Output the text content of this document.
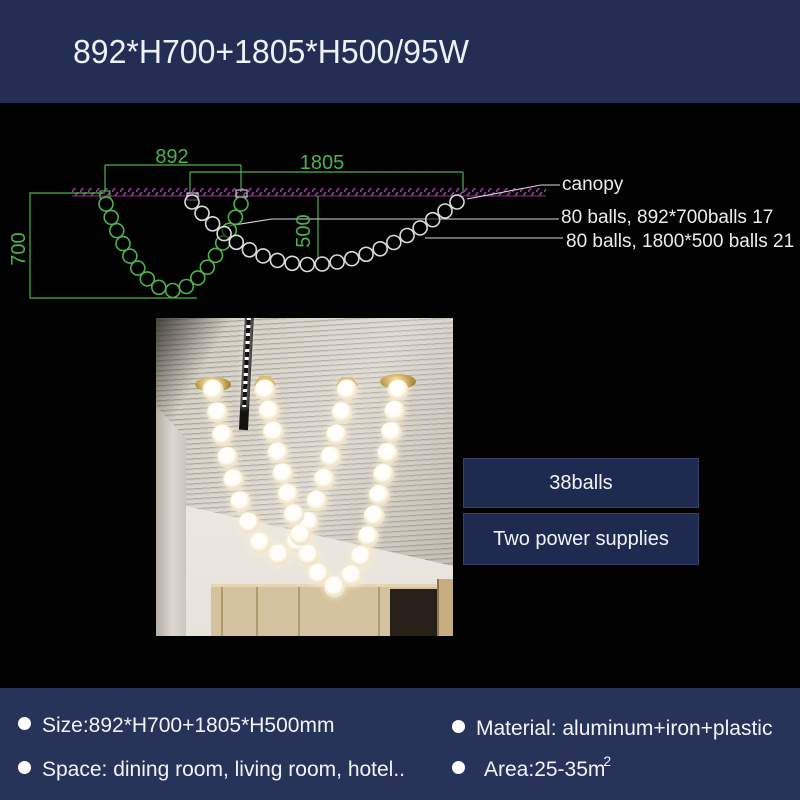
892*H700+1805*H500/95W
892	1805
700
500
canopy
80 balls, 892*700balls 17
80 balls, 1800*500 balls 21
38balls
Two power supplies
Size:892*H700+1805*H500mm
Space: dining room, living room, hotel..
Material: aluminum+iron+plastic
$Area:25-35m^2$
